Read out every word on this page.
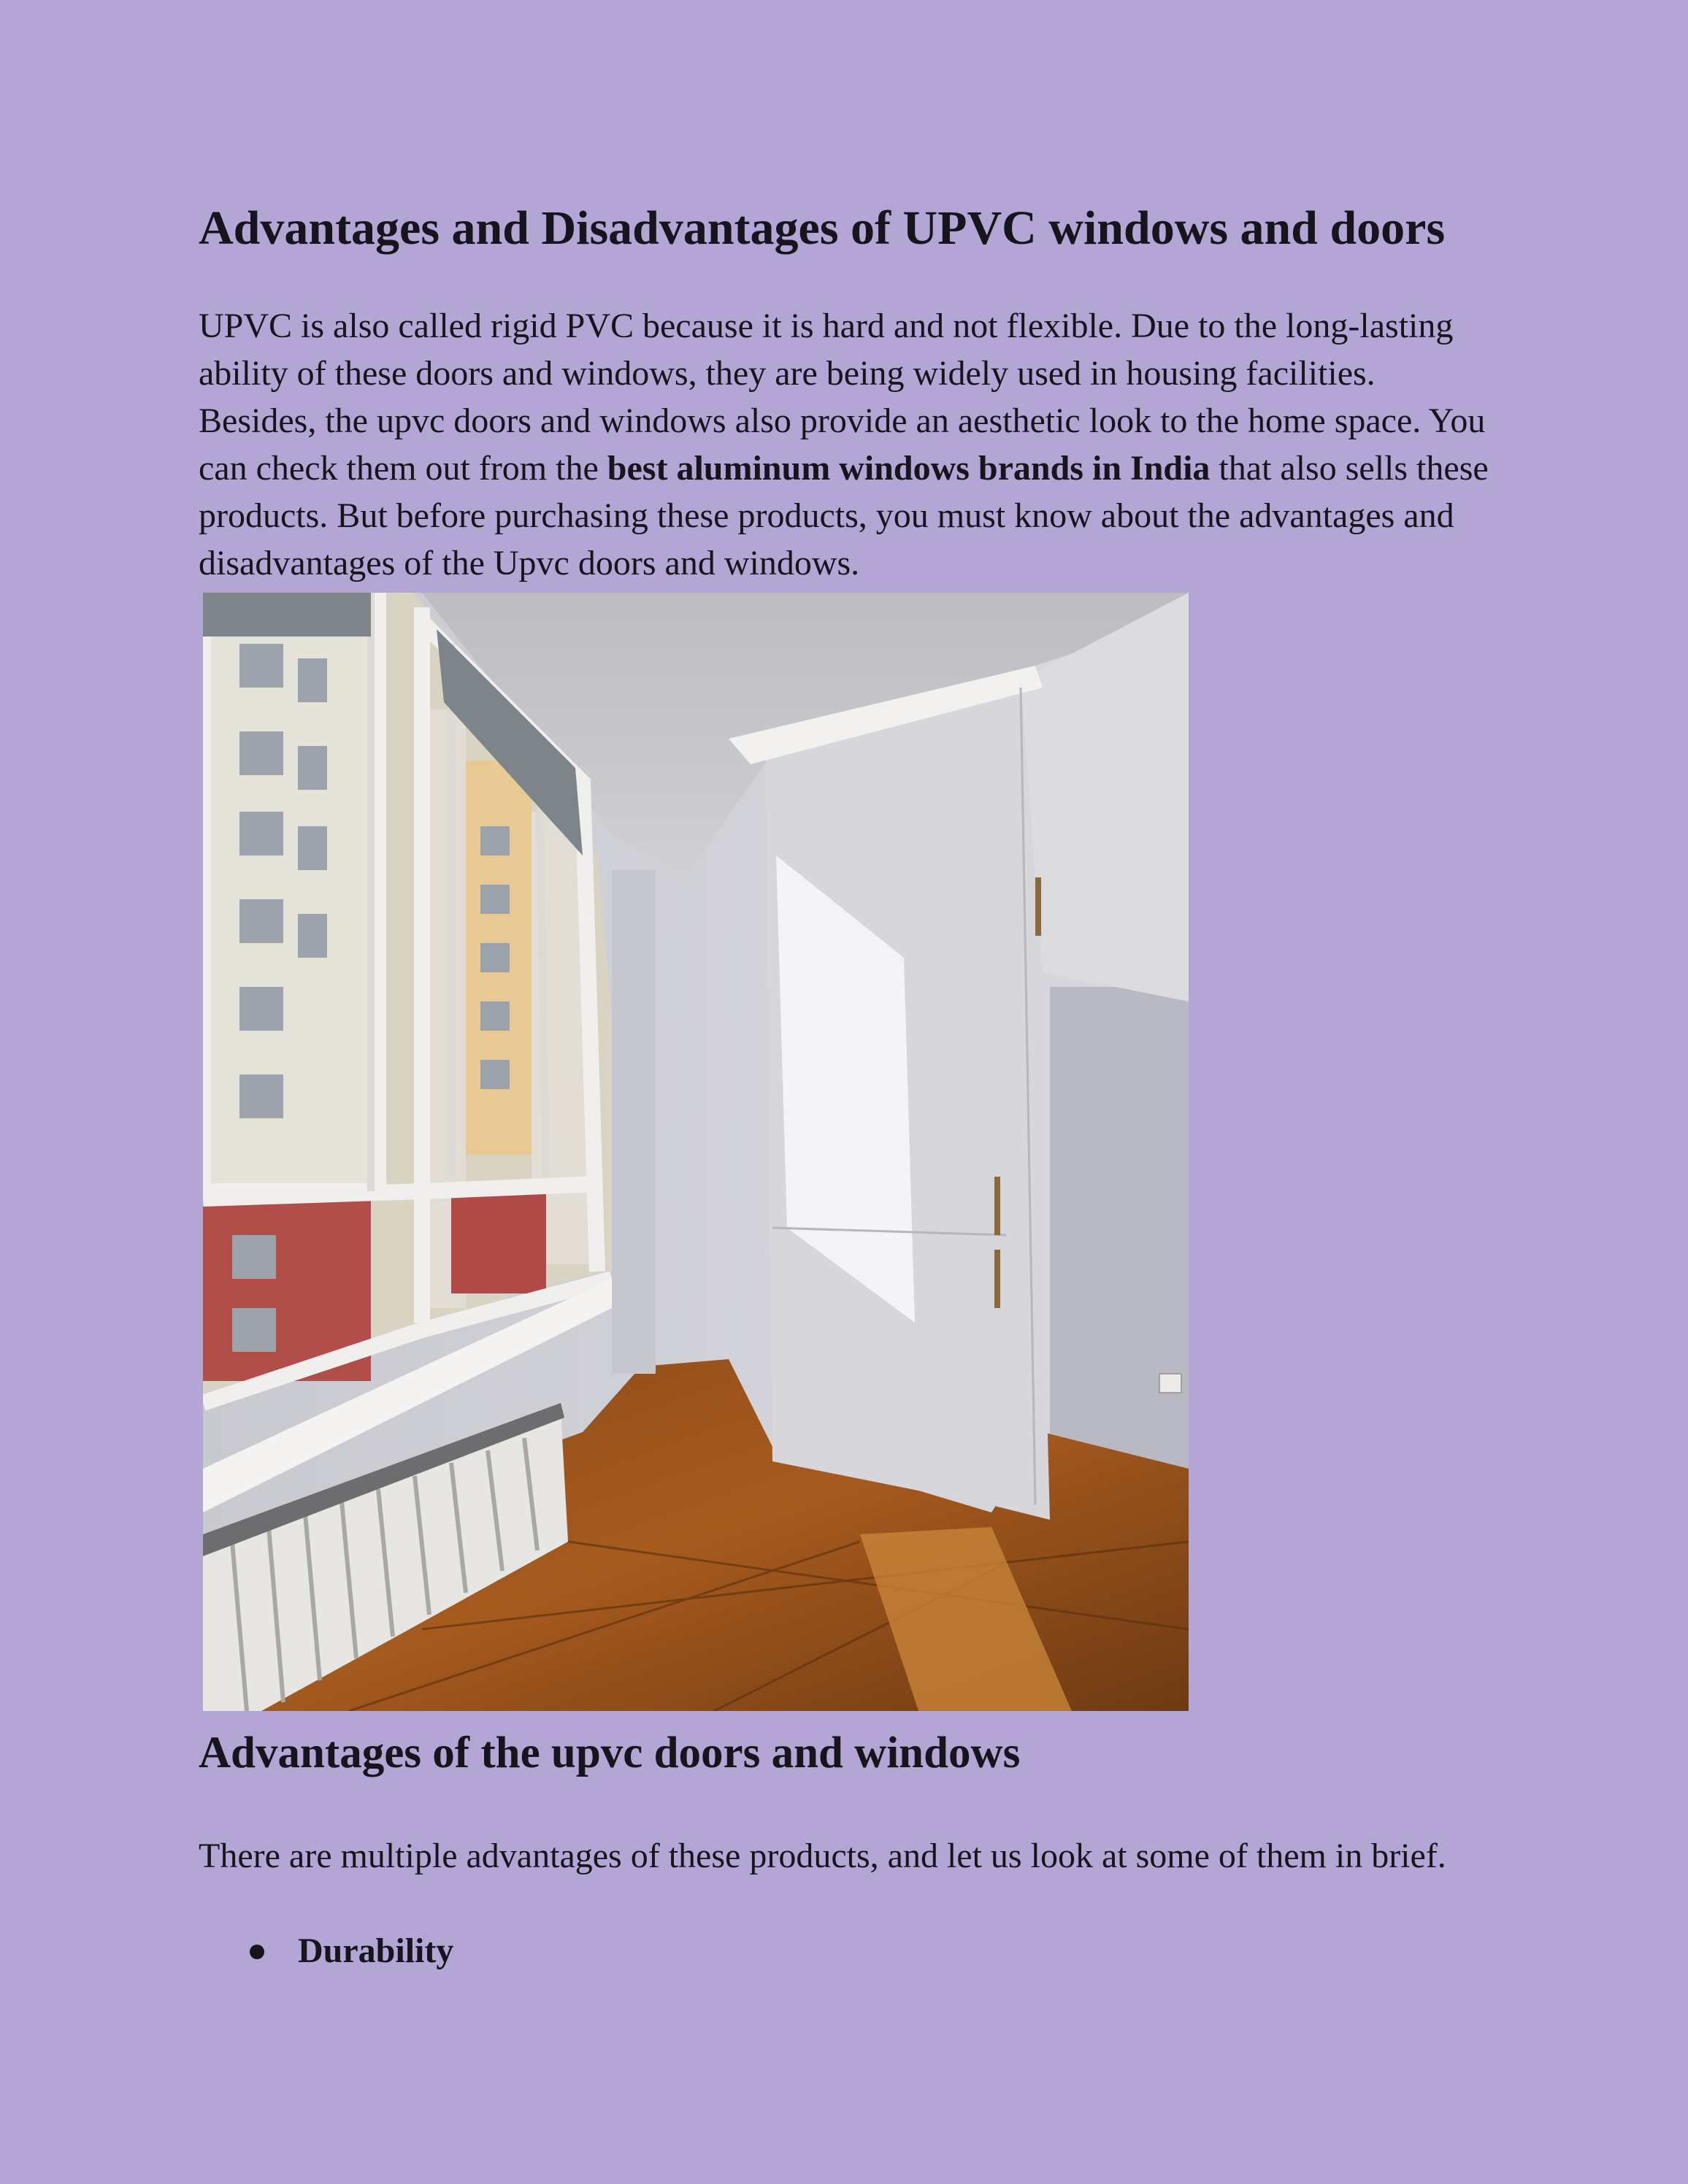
Advantages and Disadvantages of UPVC windows and doors

UPVC is also called rigid PVC because it is hard and not flexible. Due to the long-lasting ability of these doors and windows, they are being widely used in housing facilities. Besides, the upvc doors and windows also provide an aesthetic look to the home space. You can check them out from the best aluminum windows brands in India that also sells these products. But before purchasing these products, you must know about the advantages and disadvantages of the Upvc doors and windows.

Advantages of the upvc doors and windows

There are multiple advantages of these products, and let us look at some of them in brief.

Durability
